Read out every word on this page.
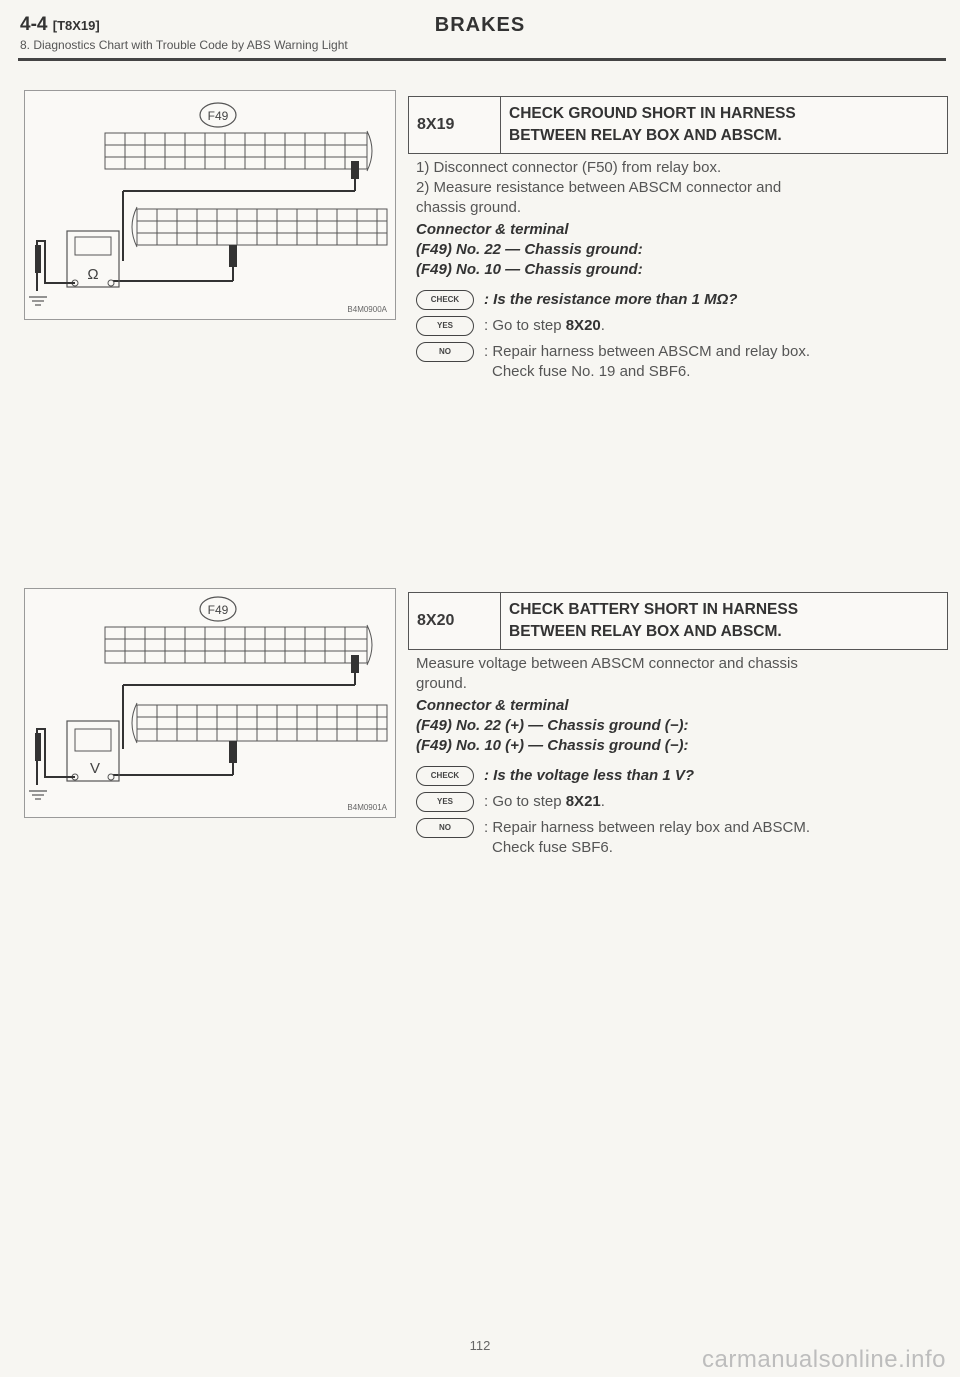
4-4 [T8X19]	BRAKES
8. Diagnostics Chart with Trouble Code by ABS Warning Light
F49
Ω
B4M0900A
F49
V
B4M0901A
8X19
CHECK GROUND SHORT IN HARNESS
BETWEEN RELAY BOX AND ABSCM.

1) Disconnect connector (F50) from relay box.

2) Measure resistance between ABSCM connector and

chassis ground.

Connector & terminal
(F49) No. 22 — Chassis ground:
(F49) No. 10 — Chassis ground:
CHECK	: Is the resistance more than 1 MΩ?
YES	: Go to step 8X20.
NO	: Repair harness between ABSCM and relay box.
Check fuse No. 19 and SBF6.
8X20
CHECK BATTERY SHORT IN HARNESS
BETWEEN RELAY BOX AND ABSCM.

Measure voltage between ABSCM connector and chassis

ground.

Connector & terminal
(F49) No. 22 (+) — Chassis ground (−):
(F49) No. 10 (+) — Chassis ground (−):
CHECK	: Is the voltage less than 1 V?
YES	: Go to step 8X21.
NO	: Repair harness between relay box and ABSCM.
Check fuse SBF6.
112
carmanualsonline.info
